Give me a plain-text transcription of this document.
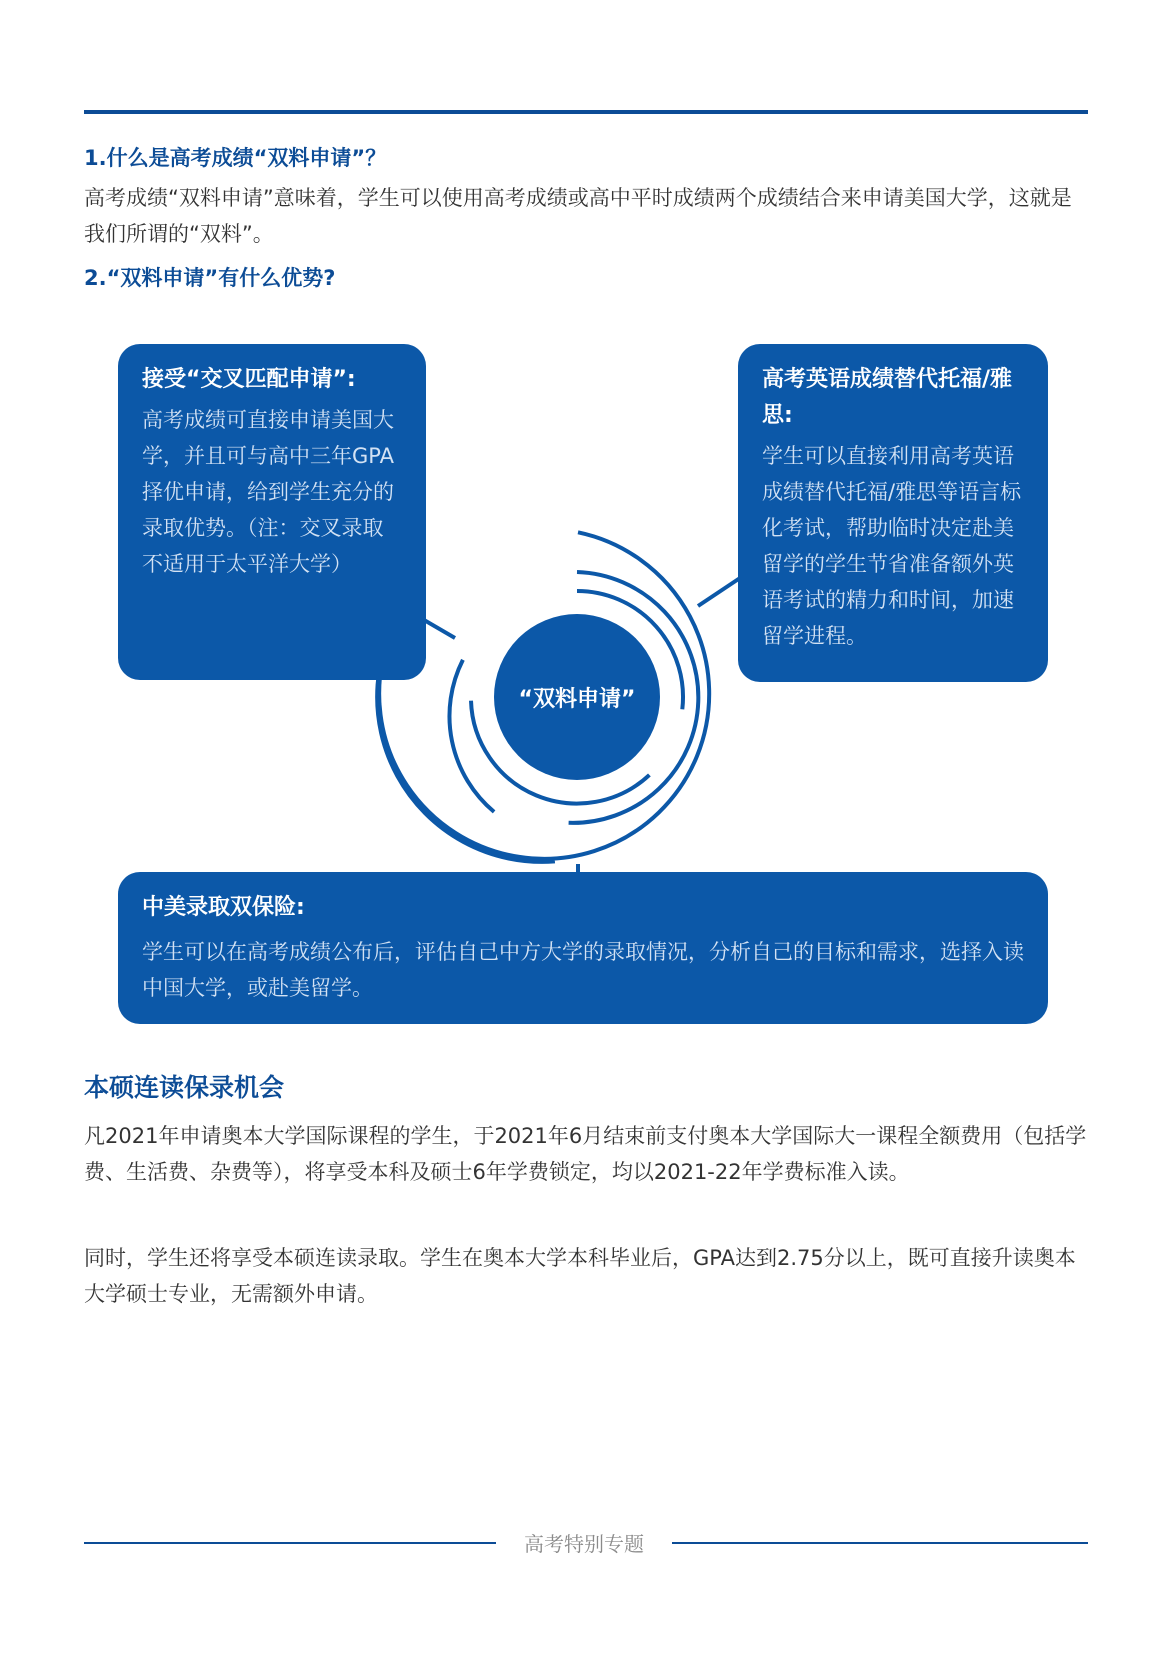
1.什么是高考成绩“双料申请”？

高考成绩“双料申请”意味着，学生可以使用高考成绩或高中平时成绩两个成绩结合来申请美国大学，这就是我们所谓的“双料”。

2.“双料申请”有什么优势?

接受“交叉匹配申请”:

高考成绩可直接申请美国大学，并且可与高中三年GPA择优申请，给到学生充分的录取优势。（注：交叉录取不适用于太平洋大学）

高考英语成绩替代托福/雅思:

学生可以直接利用高考英语成绩替代托福/雅思等语言标化考试，帮助临时决定赴美留学的学生节省准备额外英语考试的精力和时间，加速留学进程。

“双料申请”

中美录取双保险:

学生可以在高考成绩公布后，评估自己中方大学的录取情况，分析自己的目标和需求，选择入读中国大学，或赴美留学。

本硕连读保录机会

凡2021年申请奥本大学国际课程的学生，于2021年6月结束前支付奥本大学国际大一课程全额费用（包括学费、生活费、杂费等），将享受本科及硕士6年学费锁定，均以2021-22年学费标准入读。

同时，学生还将享受本硕连读录取。学生在奥本大学本科毕业后，GPA达到2.75分以上，既可直接升读奥本大学硕士专业，无需额外申请。

高考特别专题
